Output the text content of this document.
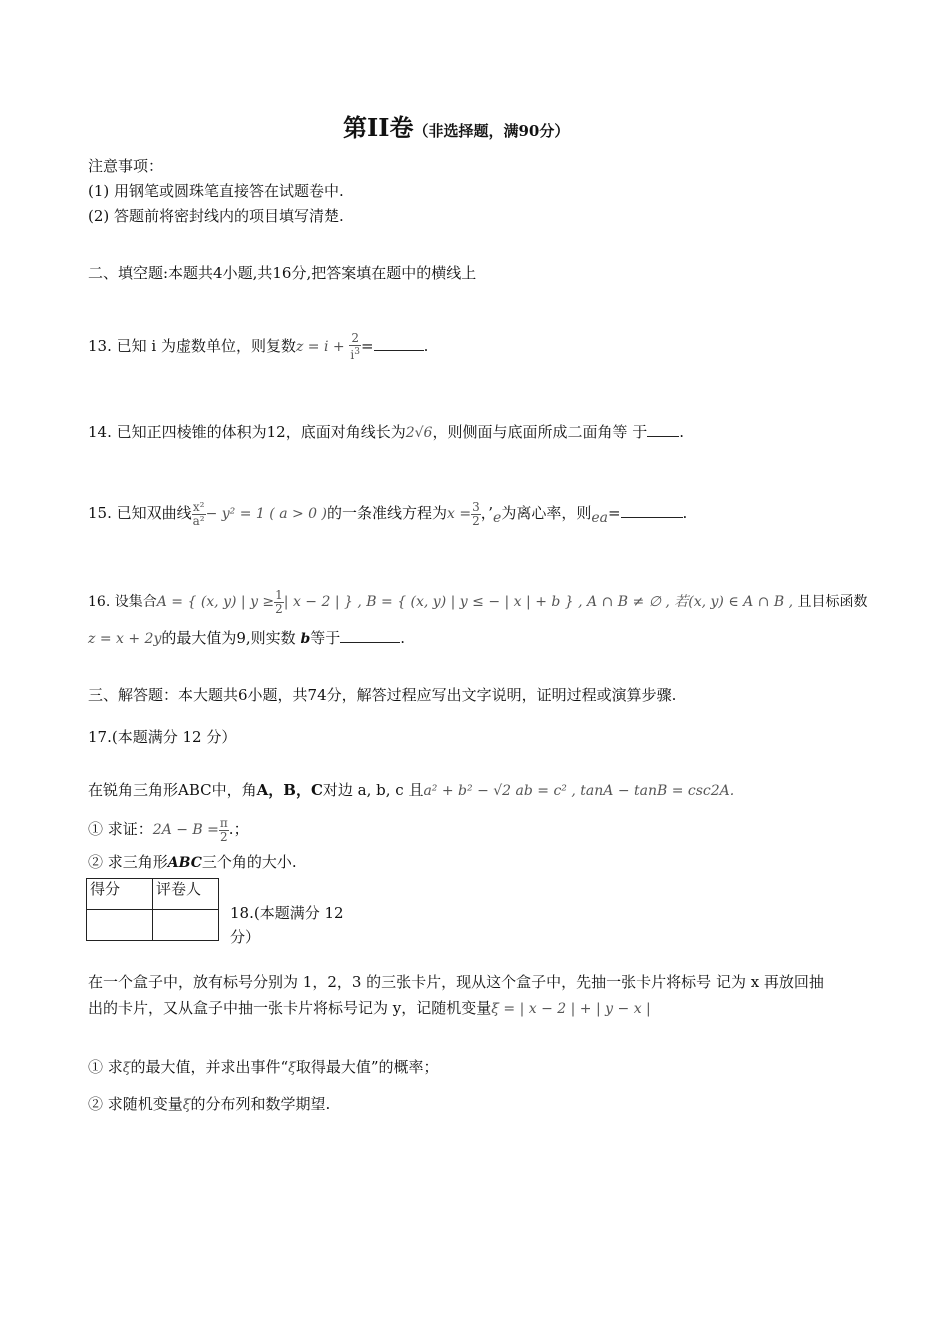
第II卷（非选择题，满90分）
注意事项：
(1) 用钢笔或圆珠笔直接答在试题卷中.
(2) 答题前将密封线内的项目填写清楚.
二、填空题:本题共4小题,共16分,把答案填在题中的横线上
13. 已知 i 为虚数单位，则复数$z = i + \frac{2}{i^3}$ =	.
14. 已知正四棱锥的体积为12，底面对角线长为2√6，则侧面与底面所成二面角等 于 .
15. 已知双曲线 $\frac{\text{x²}}{\text{a²}} - y^2 = 1$ ( a > 0 )的一条准线方程为$x = \frac{3}{2}$ ，’e为离心率，则ea=	.
16. 设集合A = { (x, y) | $y \ge \frac{1}{2}$ | x − 2 | } , B = { (x, y) | y ≤ − | x | + b } , A ∩ B ≠ ∅ , 若(x, y) ∈ A ∩ B , 且目标函数
z = x + 2y的最大值为9,则实数 b等于	.
三、解答题：本大题共6小题，共74分，解答过程应写出文字说明，证明过程或演算步骤.
17.(本题满分 12 分）
在锐角三角形ABC中，角A，B，C对边 a, b, c 且a² + b² − √2 ab = c² , tanA − tanB = csc2A.
① 求证：$2A - B = \frac{\pi}{2}$ .；
② 求三角形ABC三个角的大小.
得分	评卷人

18.(本题满分 12
分）
在一个盒子中，放有标号分别为 1，2，3 的三张卡片，现从这个盒子中，先抽一张卡片将标号 记为 x 再放回抽
出的卡片，又从盒子中抽一张卡片将标号记为 y，记随机变量ξ = | x − 2 | + | y − x |
① 求ξ的最大值，并求出事件“ξ取得最大值”的概率；
② 求随机变量ξ的分布列和数学期望.
